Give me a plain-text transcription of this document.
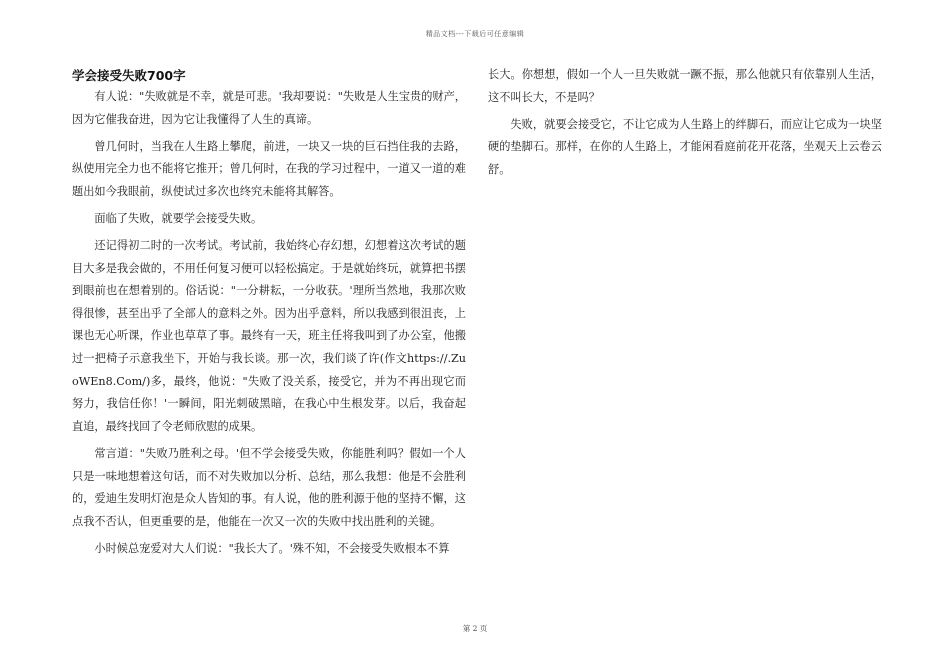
精品文档---下载后可任意编辑
学会接受失败700字

有人说："失败就是不幸，就是可悲。'我却要说："失败是人生宝贵的财产，因为它催我奋进，因为它让我懂得了人生的真谛。

曾几何时，当我在人生路上攀爬，前进，一块又一块的巨石挡住我的去路，纵使用完全力也不能将它推开；曾几何时，在我的学习过程中，一道又一道的难题出如今我眼前，纵使试过多次也终究未能将其解答。

面临了失败，就要学会接受失败。

还记得初二时的一次考试。考试前，我始终心存幻想，幻想着这次考试的题目大多是我会做的，不用任何复习便可以轻松搞定。于是就始终玩，就算把书摆到眼前也在想着别的。俗话说："一分耕耘，一分收获。'理所当然地，我那次败得很惨，甚至出乎了全部人的意料之外。因为出乎意料，所以我感到很沮丧，上课也无心听课，作业也草草了事。最终有一天，班主任将我叫到了办公室，他搬过一把椅子示意我坐下，开始与我长谈。那一次，我们谈了许(作文https://.ZuoWEn8.Com/)多，最终，他说："失败了没关系，接受它，并为不再出现它而努力，我信任你！'一瞬间，阳光刺破黑暗，在我心中生根发芽。以后，我奋起直追，最终找回了令老师欣慰的成果。

常言道："失败乃胜利之母。'但不学会接受失败，你能胜利吗？假如一个人只是一味地想着这句话，而不对失败加以分析、总结，那么我想：他是不会胜利的，爱迪生发明灯泡是众人皆知的事。有人说，他的胜利源于他的坚持不懈，这点我不否认，但更重要的是，他能在一次又一次的失败中找出胜利的关键。

小时候总宠爱对大人们说："我长大了。'殊不知，不会接受失败根本不算

长大。你想想，假如一个人一旦失败就一蹶不振，那么他就只有依靠别人生活，这不叫长大，不是吗？

失败，就要会接受它，不让它成为人生路上的绊脚石，而应让它成为一块坚硬的垫脚石。那样，在你的人生路上，才能闲看庭前花开花落，坐观天上云卷云舒。

第 2 页
